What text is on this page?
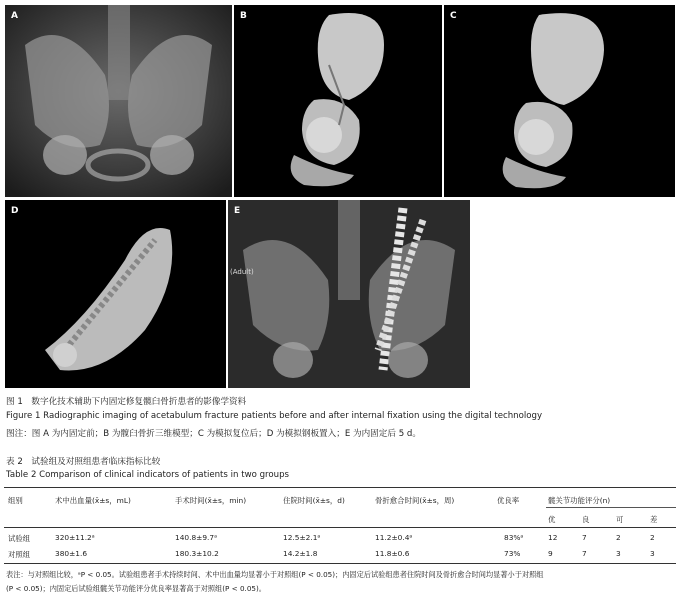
A	B	C
D	E
(Adult)
图 1　数字化技术辅助下内固定修复髋臼骨折患者的影像学资料
Figure 1 Radiographic imaging of acetabulum fracture patients before and after internal fixation using the digital technology
图注：图 A 为内固定前；B 为髋臼骨折三维模型；C 为模拟复位后；D 为模拟钢板置入；E 为内固定后 5 d。
表 2　试验组及对照组患者临床指标比较
Table 2 Comparison of clinical indicators of patients in two groups
组别	术中出血量(x̄±s，mL)	手术时间(x̄±s，min)	住院时间(x̄±s，d)	骨折愈合时间(x̄±s，周)	优良率	髋关节功能评分(n)
优	良	可	差
试验组	320±11.2ᵃ	140.8±9.7ᵃ	12.5±2.1ᵃ	11.2±0.4ᵃ	83%ᵃ	12	7	2	2
对照组	380±1.6	180.3±10.2	14.2±1.8	11.8±0.6	73%	9	7	3	3
表注：与对照组比较，ᵃP < 0.05。试验组患者手术持续时间、术中出血量均显著小于对照组(P < 0.05)；内固定后试验组患者住院时间及骨折愈合时间均显著小于对照组
(P < 0.05)；内固定后试验组髋关节功能评分优良率显著高于对照组(P < 0.05)。
